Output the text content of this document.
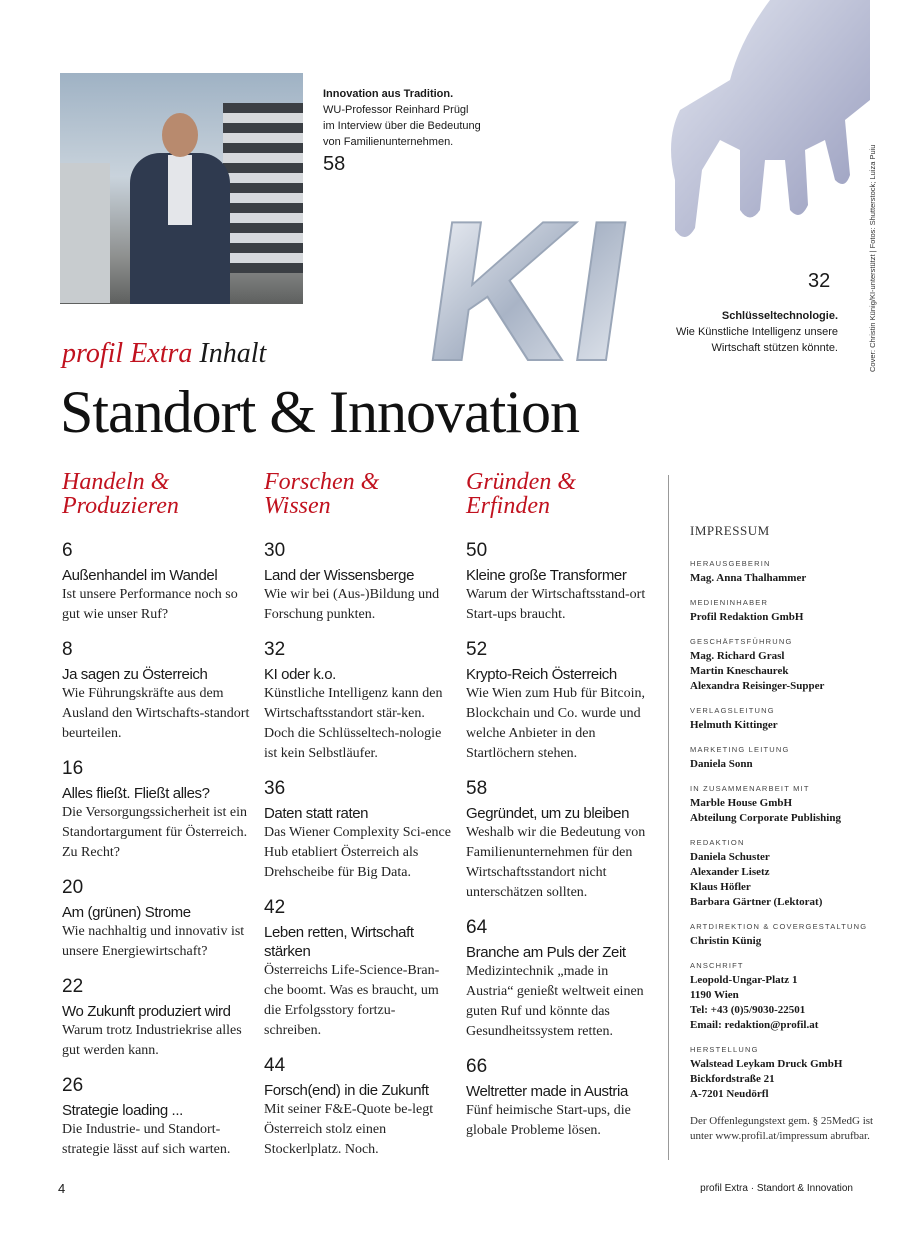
Innovation aus Tradition.
WU-Professor Reinhard Prügl im Interview über die Bedeutung von Familienunternehmen.
58
KI	32
Schlüsseltechnologie.
Wie Künstliche Intelligenz unsere Wirtschaft stützen könnte.	Cover: Christin Künig/KI-unterstützt | Fotos: Shutterstock; Luiza Puiu
profil Extra Inhalt
Standort & Innovation
Handeln &
Produzieren
6
Außenhandel im Wandel
Ist unsere Performance noch so gut wie unser Ruf?
8
Ja sagen zu Österreich
Wie Führungskräfte aus dem Ausland den Wirtschafts-standort beurteilen.
16
Alles fließt. Fließt alles?
Die Versorgungssicherheit ist ein Standortargument für Österreich. Zu Recht?
20
Am (grünen) Strome
Wie nachhaltig und innovativ ist unsere Energiewirtschaft?
22
Wo Zukunft produziert wird
Warum trotz Industriekrise alles gut werden kann.
26
Strategie loading ...
Die Industrie- und Standort-strategie lässt auf sich warten.
Forschen &
Wissen
30
Land der Wissensberge
Wie wir bei (Aus-)Bildung und Forschung punkten.
32
KI oder k.o.
Künstliche Intelligenz kann den Wirtschaftsstandort stär-ken. Doch die Schlüsseltech-nologie ist kein Selbstläufer.
36
Daten statt raten
Das Wiener Complexity Sci-ence Hub etabliert Österreich als Drehscheibe für Big Data.
42
Leben retten, Wirtschaft stärken
Österreichs Life-Science-Bran-che boomt. Was es braucht, um die Erfolgsstory fortzu-schreiben.
44
Forsch(end) in die Zukunft
Mit seiner F&E-Quote be-legt Österreich stolz einen Stockerlplatz. Noch.
Gründen &
Erfinden
50
Kleine große Transformer
Warum der Wirtschaftsstand-ort Start-ups braucht.
52
Krypto-Reich Österreich
Wie Wien zum Hub für Bitcoin, Blockchain und Co. wurde und welche Anbieter in den Startlöchern stehen.
58
Gegründet, um zu bleiben
Weshalb wir die Bedeutung von Familienunternehmen für den Wirtschaftsstandort nicht unterschätzen sollten.
64
Branche am Puls der Zeit
Medizintechnik „made in Austria“ genießt weltweit einen guten Ruf und könnte das Gesundheitssystem retten.
66
Weltretter made in Austria
Fünf heimische Start-ups, die globale Probleme lösen.
IMPRESSUM
HERAUSGEBERIN
Mag. Anna Thalhammer
MEDIENINHABER
Profil Redaktion GmbH
GESCHÄFTSFÜHRUNG
Mag. Richard Grasl
Martin Kneschaurek
Alexandra Reisinger-Supper
VERLAGSLEITUNG
Helmuth Kittinger
MARKETING LEITUNG
Daniela Sonn
IN ZUSAMMENARBEIT MIT
Marble House GmbH
Abteilung Corporate Publishing
REDAKTION
Daniela Schuster
Alexander Lisetz
Klaus Höfler
Barbara Gärtner (Lektorat)
ARTDIREKTION & COVERGESTALTUNG
Christin Künig
ANSCHRIFT
Leopold-Ungar-Platz 1
1190 Wien
Tel: +43 (0)5/9030-22501
Email: redaktion@profil.at
HERSTELLUNG
Walstead Leykam Druck GmbH
Bickfordstraße 21
A-7201 Neudörfl
Der Offenlegungstext gem. § 25MedG ist unter www.profil.at/impressum abrufbar.
4	profil Extra · Standort & Innovation
